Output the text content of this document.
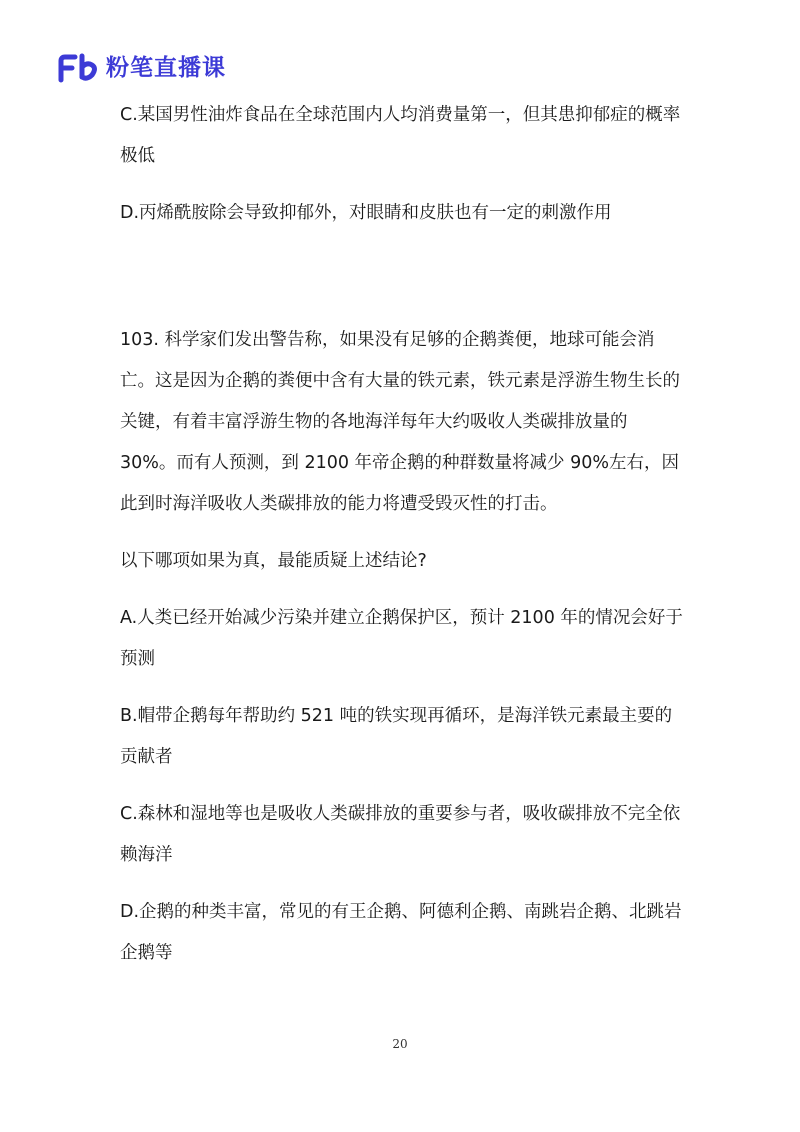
粉笔直播课

C.某国男性油炸食品在全球范围内人均消费量第一，但其患抑郁症的概率极低

D.丙烯酰胺除会导致抑郁外，对眼睛和皮肤也有一定的刺激作用

103. 科学家们发出警告称，如果没有足够的企鹅粪便，地球可能会消亡。这是因为企鹅的粪便中含有大量的铁元素，铁元素是浮游生物生长的关键，有着丰富浮游生物的各地海洋每年大约吸收人类碳排放量的 30%。而有人预测，到 2100 年帝企鹅的种群数量将减少 90%左右，因此到时海洋吸收人类碳排放的能力将遭受毁灭性的打击。

以下哪项如果为真，最能质疑上述结论?

A.人类已经开始减少污染并建立企鹅保护区，预计 2100 年的情况会好于预测

B.帽带企鹅每年帮助约 521 吨的铁实现再循环，是海洋铁元素最主要的贡献者

C.森林和湿地等也是吸收人类碳排放的重要参与者，吸收碳排放不完全依赖海洋

D.企鹅的种类丰富，常见的有王企鹅、阿德利企鹅、南跳岩企鹅、北跳岩企鹅等

20
